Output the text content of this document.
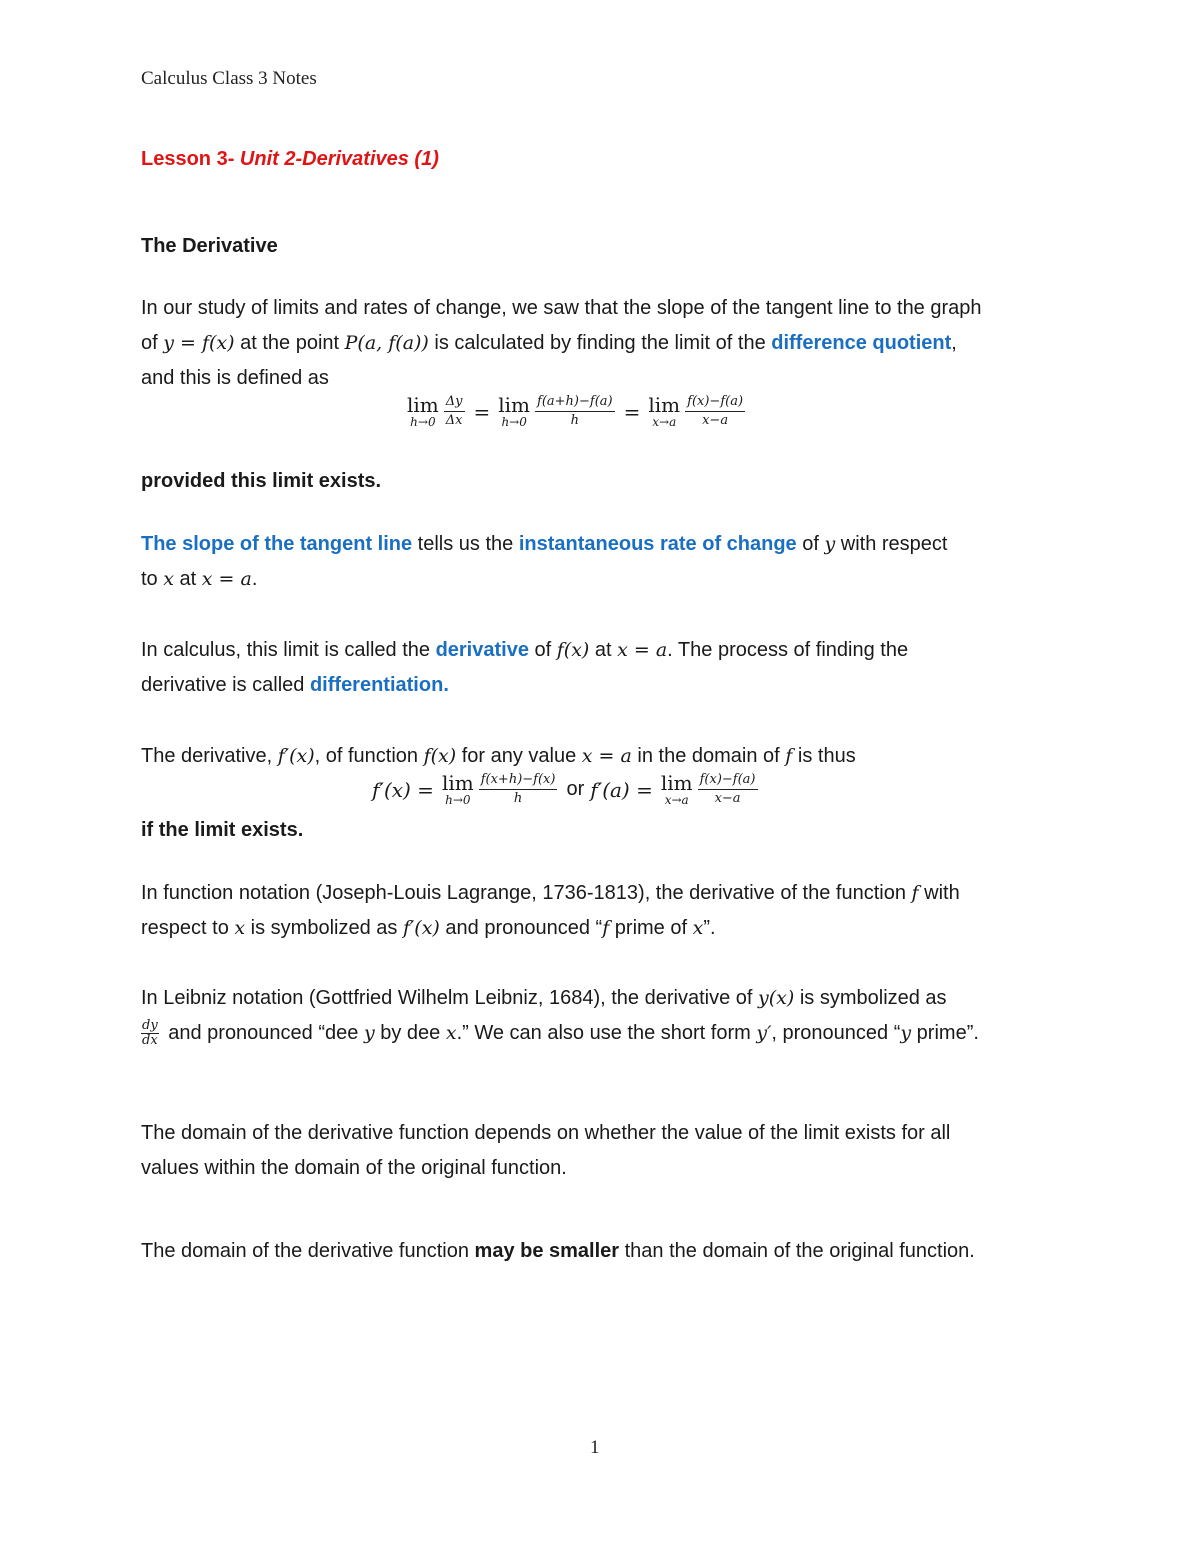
Calculus Class 3 Notes
Lesson 3- Unit 2-Derivatives (1)
The Derivative
In our study of limits and rates of change, we saw that the slope of the tangent line to the graph
of y = f(x) at the point P(a, f(a)) is calculated by finding the limit of the difference quotient,
and this is defined as
lim
$h\to 0 \frac{\Delta y}{\Delta x} = \lim$
$h\to 0 \frac{f(a+h)-f(a)}{h} = \lim$
$x\to a \frac{f(x)-f(a)}{x-a}$
provided this limit exists.
The slope of the tangent line tells us the instantaneous rate of change of y with respect
to x at x = a.
In calculus, this limit is called the derivative of f(x) at x = a. The process of finding the
derivative is called differentiation.
The derivative, f′(x), of function f(x) for any value x = a in the domain of f is thus
f′(x) = lim
$h\to 0 \frac{f(x+h)-f(x)}{h}$ or f′(a) = lim
$x\to a \frac{f(x)-f(a)}{x-a}$
if the limit exists.
In function notation (Joseph-Louis Lagrange, 1736-1813), the derivative of the function f with
respect to x is symbolized as f′(x) and pronounced “f prime of x”.
In Leibniz notation (Gottfried Wilhelm Leibniz, 1684), the derivative of y(x) is symbolized as
$\frac{dy}{dx}$ and pronounced “dee y by dee x.” We can also use the short form y′, pronounced “y prime”.
The domain of the derivative function depends on whether the value of the limit exists for all
values within the domain of the original function.
The domain of the derivative function may be smaller than the domain of the original function.
1
